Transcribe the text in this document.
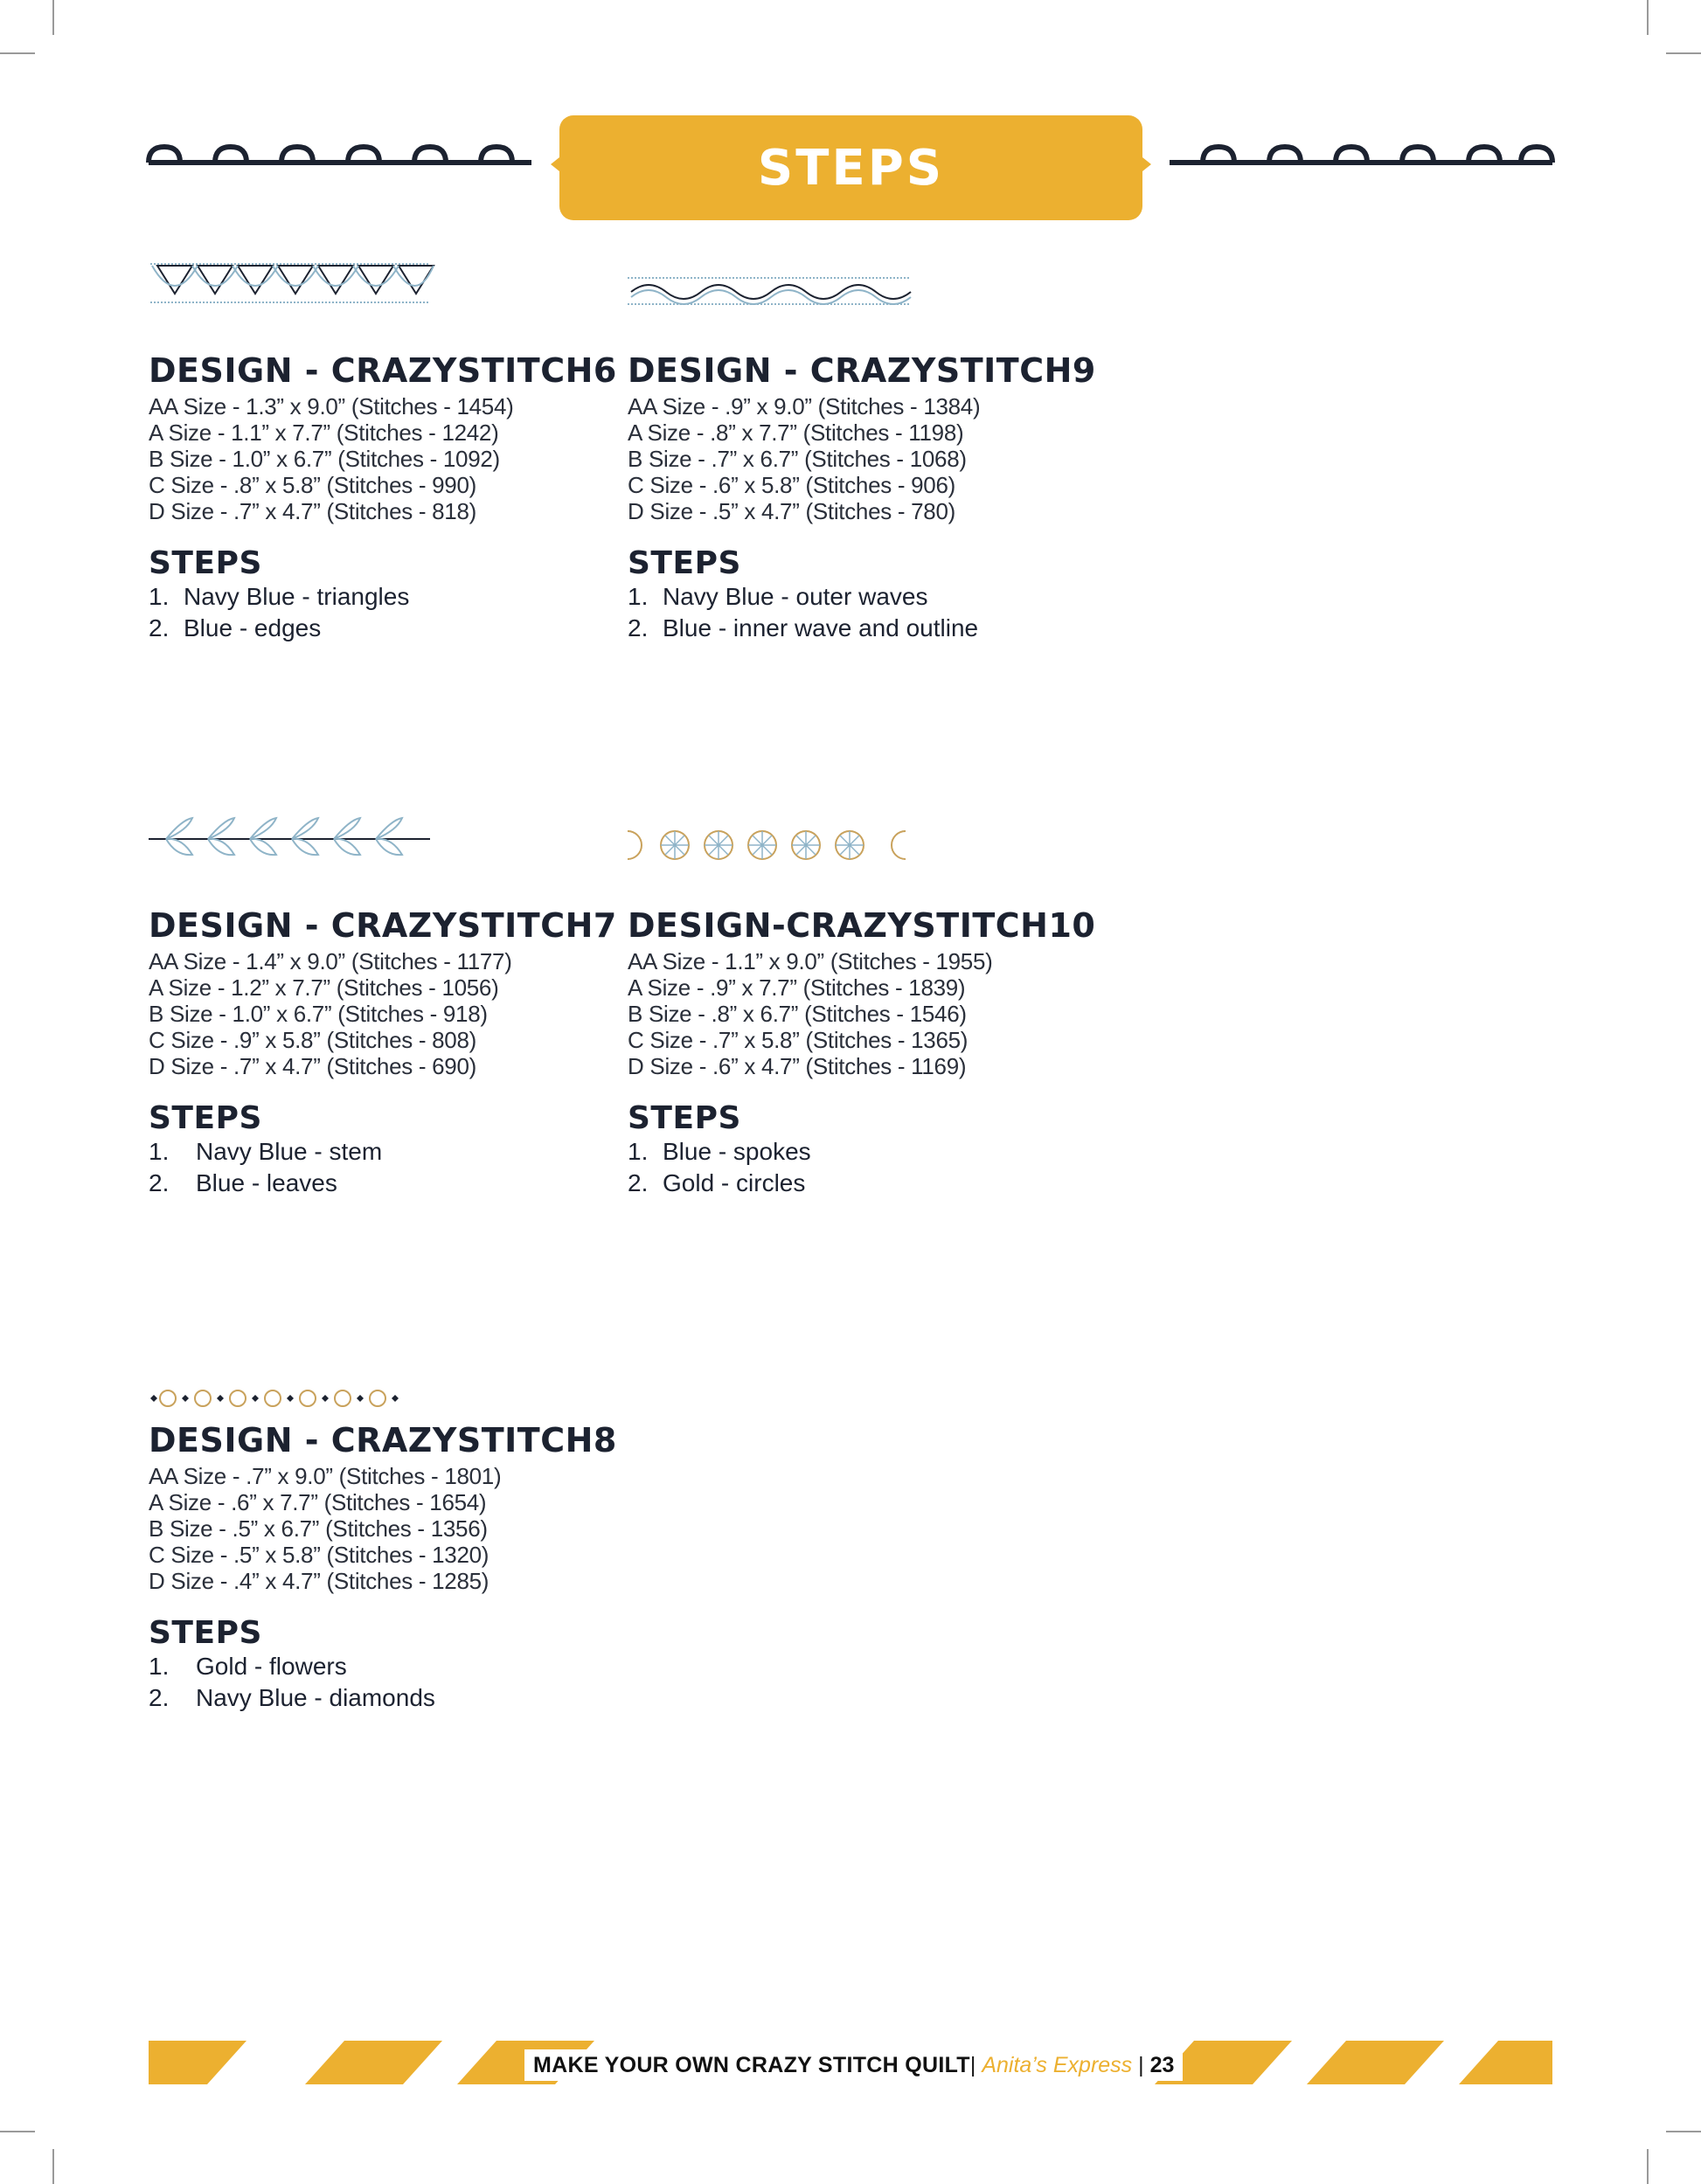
STEPS
DESIGN - CRAZYSTITCH6
AA Size - 1.3” x 9.0” (Stitches - 1454)
A Size - 1.1” x 7.7” (Stitches - 1242)
B Size - 1.0” x 6.7” (Stitches - 1092)
C Size - .8” x 5.8” (Stitches - 990)
D Size - .7” x 4.7” (Stitches - 818)
STEPS
1. Navy Blue - triangles
2. Blue - edges
DESIGN - CRAZYSTITCH9
AA Size - .9” x 9.0” (Stitches - 1384)
A Size - .8” x 7.7” (Stitches - 1198)
B Size - .7” x 6.7” (Stitches - 1068)
C Size - .6” x 5.8” (Stitches - 906)
D Size - .5” x 4.7” (Stitches - 780)
STEPS
1. Navy Blue - outer waves
2. Blue - inner wave and outline
DESIGN - CRAZYSTITCH7
AA Size - 1.4” x 9.0” (Stitches - 1177)
A Size - 1.2” x 7.7” (Stitches - 1056)
B Size - 1.0” x 6.7” (Stitches - 918)
C Size - .9” x 5.8” (Stitches - 808)
D Size - .7” x 4.7” (Stitches - 690)
STEPS
1. Navy Blue - stem
2. Blue - leaves
DESIGN-CRAZYSTITCH10
AA Size - 1.1” x 9.0” (Stitches - 1955)
A Size - .9” x 7.7” (Stitches - 1839)
B Size - .8” x 6.7” (Stitches - 1546)
C Size - .7” x 5.8” (Stitches - 1365)
D Size - .6” x 4.7” (Stitches - 1169)
STEPS
1. Blue - spokes
2. Gold - circles
DESIGN - CRAZYSTITCH8
AA Size - .7” x 9.0” (Stitches - 1801)
A Size - .6” x 7.7” (Stitches - 1654)
B Size - .5” x 6.7” (Stitches - 1356)
C Size - .5” x 5.8” (Stitches - 1320)
D Size - .4” x 4.7” (Stitches - 1285)
STEPS
1. Gold - flowers
2. Navy Blue - diamonds
MAKE YOUR OWN CRAZY STITCH QUILT| Anita’s Express | 23
